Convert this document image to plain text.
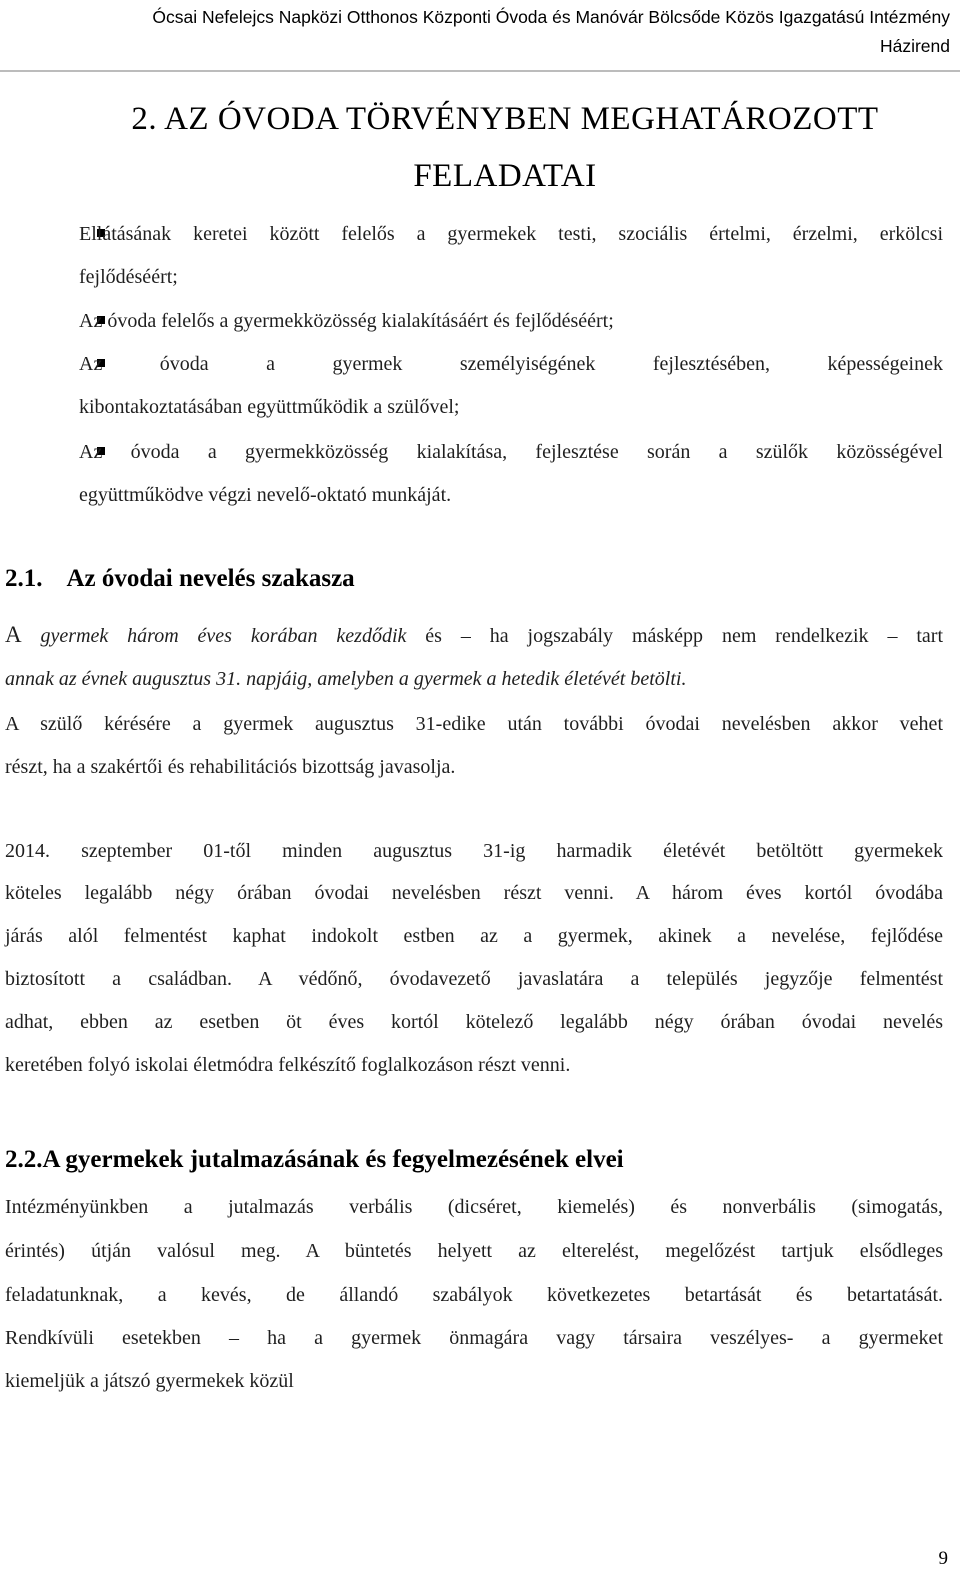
Ócsai Nefelejcs Napközi Otthonos Központi Óvoda és Manóvár Bölcsőde Közös Igazgatású Intézmény
Házirend
2. AZ ÓVODA TÖRVÉNYBEN MEGHATÁROZOTT
FELADATAI
Ellátásának keretei között felelős a gyermekek testi, szociális értelmi, érzelmi, erkölcsi
fejlődéséért;
Az óvoda felelős a gyermekközösség kialakításáért és fejlődéséért;
Az óvoda a gyermek személyiségének fejlesztésében, képességeinek
kibontakoztatásában együttműködik a szülővel;
Az óvoda a gyermekközösség kialakítása, fejlesztése során a szülők közösségével
együttműködve végzi nevelő-oktató munkáját.
2.1. Az óvodai nevelés szakasza
A gyermek három éves korában kezdődik és – ha jogszabály másképp nem rendelkezik – tart
annak az évnek augusztus 31. napjáig, amelyben a gyermek a hetedik életévét betölti.
A szülő kérésére a gyermek augusztus 31-edike után további óvodai nevelésben akkor vehet
részt, ha a szakértői és rehabilitációs bizottság javasolja.
2014. szeptember 01-től minden augusztus 31-ig harmadik életévét betöltött gyermekek
köteles legalább négy órában óvodai nevelésben részt venni. A három éves kortól óvodába
járás alól felmentést kaphat indokolt estben az a gyermek, akinek a nevelése, fejlődése
biztosított a családban. A védőnő, óvodavezető javaslatára a település jegyzője felmentést
adhat, ebben az esetben öt éves kortól kötelező legalább négy órában óvodai nevelés
keretében folyó iskolai életmódra felkészítő foglalkozáson részt venni.
2.2.A gyermekek jutalmazásának és fegyelmezésének elvei
Intézményünkben a jutalmazás verbális (dicséret, kiemelés) és nonverbális (simogatás,
érintés) útján valósul meg. A büntetés helyett az elterelést, megelőzést tartjuk elsődleges
feladatunknak, a kevés, de állandó szabályok következetes betartását és betartatását.
Rendkívüli esetekben – ha a gyermek önmagára vagy társaira veszélyes- a gyermeket
kiemeljük a játszó gyermekek közül
9
